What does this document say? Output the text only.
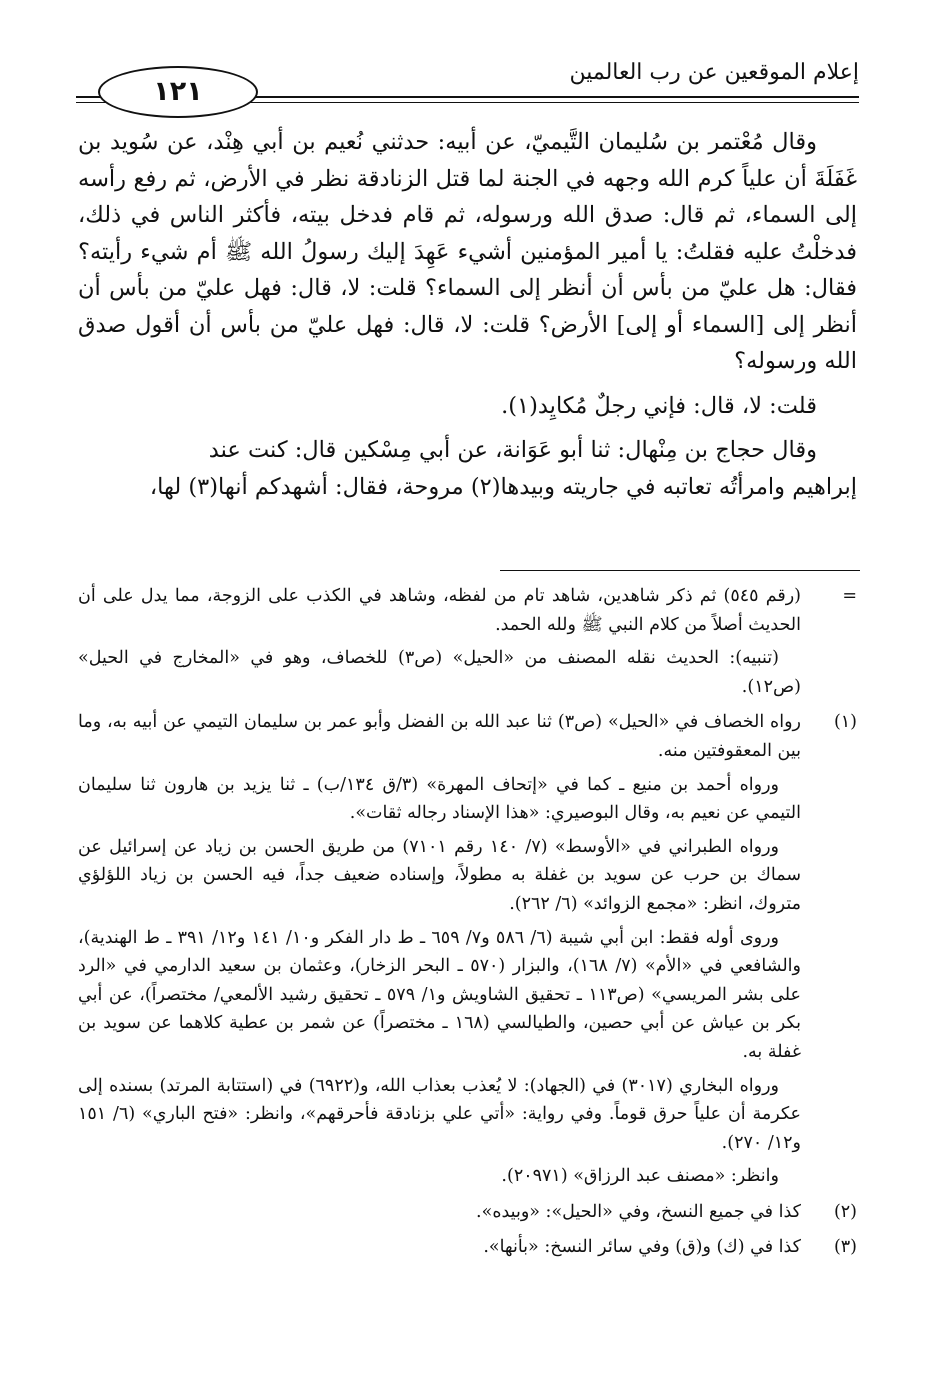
إعلام الموقعين عن رب العالمين
١٢١

وقال مُعْتمر بن سُليمان التَّيميّ، عن أبيه: حدثني نُعيم بن أبي هِنْد، عن سُويد بن غَفَلَةَ أن علياً كرم الله وجهه في الجنة لما قتل الزنادقة نظر في الأرض، ثم رفع رأسه إلى السماء، ثم قال: صدق الله ورسوله، ثم قام فدخل بيته، فأكثر الناس في ذلك، فدخلْتُ عليه فقلتُ: يا أمير المؤمنين أشيء عَهِدَ إليك رسولُ الله ﷺ أم شيء رأيته؟ فقال: هل عليّ من بأس أن أنظر إلى السماء؟ قلت: لا، قال: فهل عليّ من بأس أن أنظر إلى [السماء أو إلى] الأرض؟ قلت: لا، قال: فهل عليّ من بأس أن أقول صدق الله ورسوله؟

قلت: لا، قال: فإني رجلٌ مُكايِد(١).

وقال حجاج بن مِنْهال: ثنا أبو عَوَانة، عن أبي مِسْكين قال: كنت عند

إبراهيم وامرأتُه تعاتبه في جاريته وبيدها(٢) مروحة، فقال: أشهدكم أنها(٣) لها،

=

(رقم ٥٤٥) ثم ذكر شاهدين، شاهد تام من لفظه، وشاهد في الكذب على الزوجة، مما يدل على أن الحديث أصلاً من كلام النبي ﷺ ولله الحمد.

(تنبيه): الحديث نقله المصنف من «الحيل» (ص٣) للخصاف، وهو في «المخارج في الحيل» (ص١٢).

(١)

رواه الخصاف في «الحيل» (ص٣) ثنا عبد الله بن الفضل وأبو عمر بن سليمان التيمي عن أبيه به، وما بين المعقوفتين منه.

ورواه أحمد بن منيع ـ كما في «إتحاف المهرة» (٣/ق ١٣٤/ب) ـ ثنا يزيد بن هارون ثنا سليمان التيمي عن نعيم به، وقال البوصيري: «هذا الإسناد رجاله ثقات».

ورواه الطبراني في «الأوسط» (٧/ ١٤٠ رقم ٧١٠١) من طريق الحسن بن زياد عن إسرائيل عن سماك بن حرب عن سويد بن غفلة به مطولاً، وإسناده ضعيف جداً، فيه الحسن بن زياد اللؤلؤي متروك، انظر: «مجمع الزوائد» (٦/ ٢٦٢).

وروى أوله فقط: ابن أبي شيبة (٦/ ٥٨٦ و٧/ ٦٥٩ ـ ط دار الفكر و١٠/ ١٤١ و١٢/ ٣٩١ ـ ط الهندية)، والشافعي في «الأم» (٧/ ١٦٨)، والبزار (٥٧٠ ـ البحر الزخار)، وعثمان بن سعيد الدارمي في «الرد على بشر المريسي» (ص١١٣ ـ تحقيق الشاويش و١/ ٥٧٩ ـ تحقيق رشيد الألمعي/ مختصراً)، عن أبي بكر بن عياش عن أبي حصين، والطيالسي (١٦٨ ـ مختصراً) عن شمر بن عطية كلاهما عن سويد بن غفلة به.

ورواه البخاري (٣٠١٧) في (الجهاد): لا يُعذب بعذاب الله، و(٦٩٢٢) في (استتابة المرتد) بسنده إلى عكرمة أن علياً حرق قوماً. وفي رواية: «أتي علي بزنادقة فأحرقهم»، وانظر: «فتح الباري» (٦/ ١٥١ و١٢/ ٢٧٠).

وانظر: «مصنف عبد الرزاق» (٢٠٩٧١).

(٢)

كذا في جميع النسخ، وفي «الحيل»: «وبيده».

(٣)

كذا في (ك) و(ق) وفي سائر النسخ: «بأنها».
